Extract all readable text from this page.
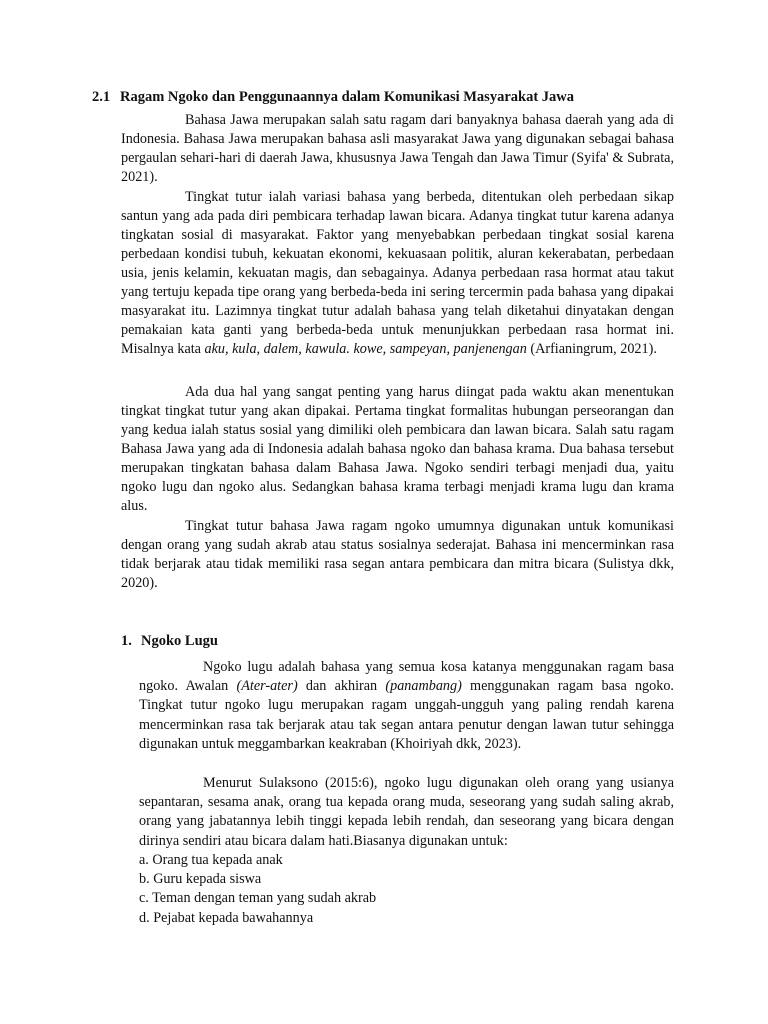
2.1 Ragam Ngoko dan Penggunaannya dalam Komunikasi Masyarakat Jawa

Bahasa Jawa merupakan salah satu ragam dari banyaknya bahasa daerah yang ada di Indonesia. Bahasa Jawa merupakan bahasa asli masyarakat Jawa yang digunakan sebagai bahasa pergaulan sehari-hari di daerah Jawa, khususnya Jawa Tengah dan Jawa Timur (Syifa' & Subrata, 2021).

Tingkat tutur ialah variasi bahasa yang berbeda, ditentukan oleh perbedaan sikap santun yang ada pada diri pembicara terhadap lawan bicara. Adanya tingkat tutur karena adanya tingkatan sosial di masyarakat. Faktor yang menyebabkan perbedaan tingkat sosial karena perbedaan kondisi tubuh, kekuatan ekonomi, kekuasaan politik, aluran kekerabatan, perbedaan usia, jenis kelamin, kekuatan magis, dan sebagainya. Adanya perbedaan rasa hormat atau takut yang tertuju kepada tipe orang yang berbeda-beda ini sering tercermin pada bahasa yang dipakai masyarakat itu. Lazimnya tingkat tutur adalah bahasa yang telah diketahui dinyatakan dengan pemakaian kata ganti yang berbeda-beda untuk menunjukkan perbedaan rasa hormat ini. Misalnya kata aku, kula, dalem, kawula. kowe, sampeyan, panjenengan (Arfianingrum, 2021).

Ada dua hal yang sangat penting yang harus diingat pada waktu akan menentukan tingkat tingkat tutur yang akan dipakai. Pertama tingkat formalitas hubungan perseorangan dan yang kedua ialah status sosial yang dimiliki oleh pembicara dan lawan bicara. Salah satu ragam Bahasa Jawa yang ada di Indonesia adalah bahasa ngoko dan bahasa krama. Dua bahasa tersebut merupakan tingkatan bahasa dalam Bahasa Jawa. Ngoko sendiri terbagi menjadi dua, yaitu ngoko lugu dan ngoko alus. Sedangkan bahasa krama terbagi menjadi krama lugu dan krama alus.

Tingkat tutur bahasa Jawa ragam ngoko umumnya digunakan untuk komunikasi dengan orang yang sudah akrab atau status sosialnya sederajat. Bahasa ini mencerminkan rasa tidak berjarak atau tidak memiliki rasa segan antara pembicara dan mitra bicara (Sulistya dkk, 2020).

1. Ngoko Lugu

Ngoko lugu adalah bahasa yang semua kosa katanya menggunakan ragam basa ngoko. Awalan (Ater-ater) dan akhiran (panambang) menggunakan ragam basa ngoko. Tingkat tutur ngoko lugu merupakan ragam unggah-ungguh yang paling rendah karena mencerminkan rasa tak berjarak atau tak segan antara penutur dengan lawan tutur sehingga digunakan untuk meggambarkan keakraban (Khoiriyah dkk, 2023).

Menurut Sulaksono (2015:6), ngoko lugu digunakan oleh orang yang usianya sepantaran, sesama anak, orang tua kepada orang muda, seseorang yang sudah saling akrab, orang yang jabatannya lebih tinggi kepada lebih rendah, dan seseorang yang bicara dengan dirinya sendiri atau bicara dalam hati.Biasanya digunakan untuk:

a. Orang tua kepada anak
b. Guru kepada siswa
c. Teman dengan teman yang sudah akrab
d. Pejabat kepada bawahannya
